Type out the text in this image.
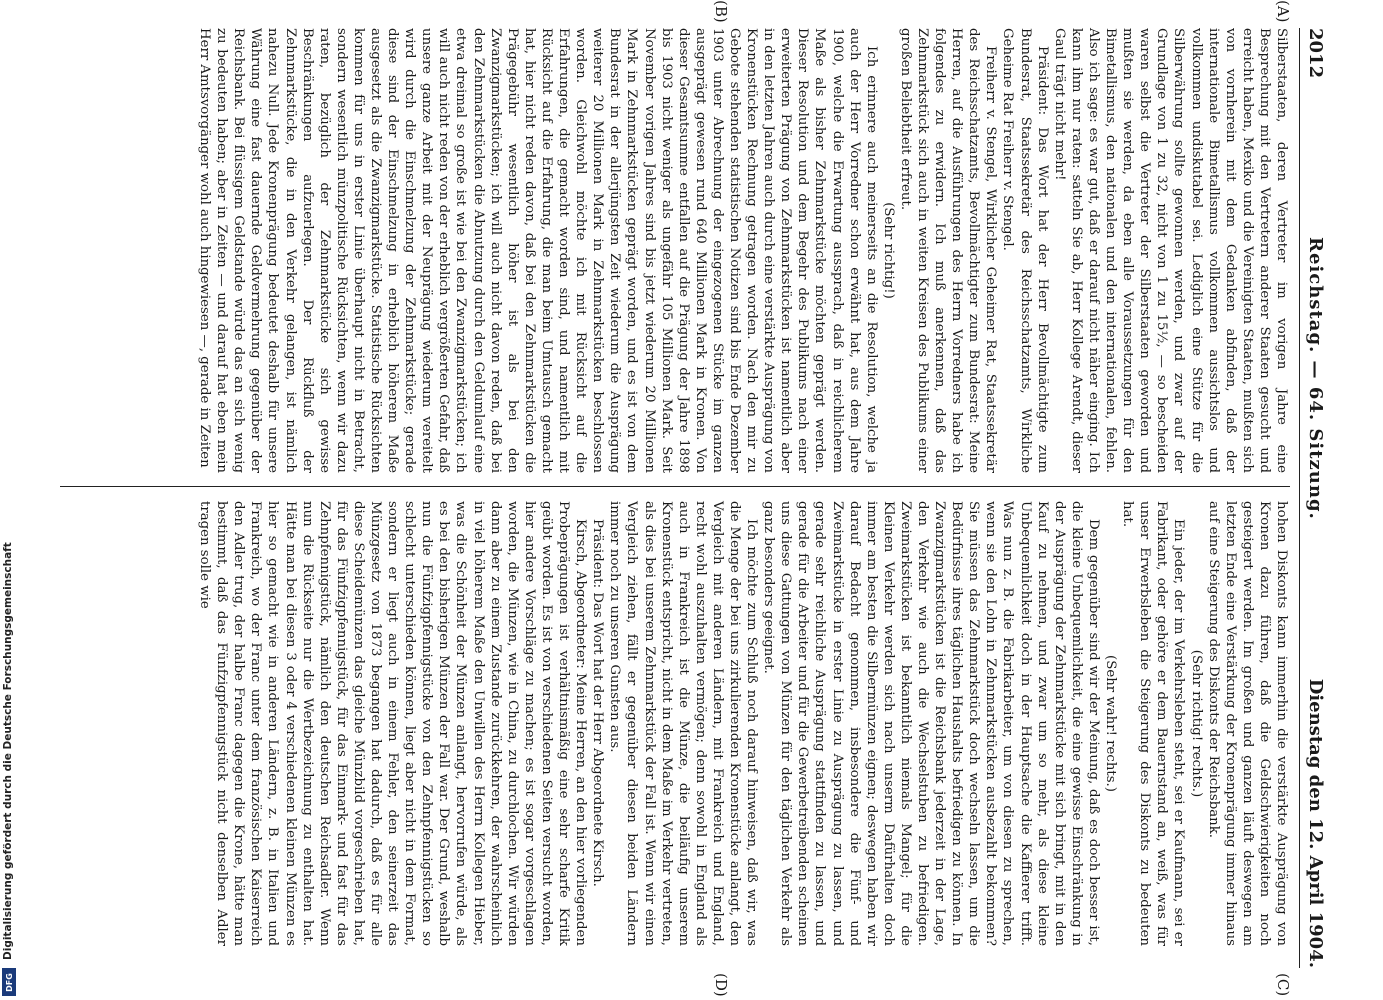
2012
Reichstag. — 64. Sitzung.
Dienstag den 12. April 1904.
(A)
(B)
(C)
(D)

Silberstaaten, deren Vertreter im vorigen Jahre eine Besprechung mit den Vertretern anderer Staaten gesucht und erreicht haben, Mexiko und die Vereinigten Staaten, mußten sich von vornherein mit dem Gedanken abfinden, daß der internationale Bimetallismus vollkommen aussichtslos und vollkommen undiskutabel sei. Lediglich eine Stütze für die Silberwährung sollte gewonnen werden, und zwar auf der Grundlage von 1 zu 32, nicht von 1 zu 15½, — so bescheiden waren selbst die Vertreter der Silberstaaten geworden und mußten sie werden, da eben alle Voraussetzungen für den Bimetallismus, den nationalen und den internationalen, fehlen. Also ich sage: es war gut, daß er darauf nicht näher einging. Ich kann ihm nur raten: satteln Sie ab, Herr Kollege Arendt, dieser Gaul trägt nicht mehr!

Präsident: Das Wort hat der Herr Bevollmächtigte zum Bundesrat, Staatssekretär des Reichsschatzamts, Wirkliche Geheime Rat Freiherr v. Stengel.

Freiherr v. Stengel, Wirklicher Geheimer Rat, Staatssekretär des Reichsschatzamts, Bevollmächtigter zum Bundesrat: Meine Herren, auf die Ausführungen des Herrn Vorredners habe ich folgendes zu erwidern. Ich muß anerkennen, daß das Zehnmarkstück sich auch in weiten Kreisen des Publikums einer großen Beliebtheit erfreut.

(Sehr richtig!)

Ich erinnere auch meinerseits an die Resolution, welche ja auch der Herr Vorredner schon erwähnt hat, aus dem Jahre 1900, welche die Erwartung aussprach, daß in reichlicherem Maße als bisher Zehnmarkstücke möchten geprägt werden. Dieser Resolution und dem Begehr des Publikums nach einer erweiterten Prägung von Zehnmarkstücken ist namentlich aber in den letzten Jahren auch durch eine verstärkte Ausprägung von Kronenstücken Rechnung getragen worden. Nach den mir zu Gebote stehenden statistischen Notizen sind bis Ende Dezember 1903 unter Abrechnung der eingezogenen Stücke im ganzen ausgeprägt gewesen rund 640 Millionen Mark in Kronen. Von dieser Gesamtsumme entfallen auf die Prägung der Jahre 1898 bis 1903 nicht weniger als ungefähr 105 Millionen Mark. Seit November vorigen Jahres sind bis jetzt wiederum 20 Millionen Mark in Zehnmarkstücken geprägt worden, und es ist von dem Bundesrat in der allerjüngsten Zeit wiederum die Ausprägung weiterer 20 Millionen Mark in Zehnmarkstücken beschlossen worden. Gleichwohl möchte ich mit Rücksicht auf die Erfahrungen, die gemacht worden sind, und namentlich mit Rücksicht auf die Erfahrung, die man beim Umtausch gemacht hat, hier nicht reden davon, daß bei den Zehnmarkstücken die Prägegebühr wesentlich höher ist als bei den Zwanzigmarkstücken; ich will auch nicht davon reden, daß bei den Zehnmarkstücken die Abnutzung durch den Geldumlauf eine etwa dreimal so große ist wie bei den Zwanzigmarkstücken; ich will auch nicht reden von der erheblich vergrößerten Gefahr, daß unsere ganze Arbeit mit der Neuprägung wiederum vereitelt wird durch die Einschmelzung der Zehnmarkstücke; gerade diese sind der Einschmelzung in erheblich höherem Maße ausgesetzt als die Zwanzigmarkstücke. Statistische Rücksichten kommen für uns in erster Linie überhaupt nicht in Betracht, sondern wesentlich münzpolitische Rücksichten, wenn wir dazu raten, bezüglich der Zehnmarkstücke sich gewisse Beschränkungen aufzuerlegen. Der Rückfluß der Zehnmarkstücke, die in den Verkehr gelangen, ist nämlich nahezu Null. Jede Kronenprägung bedeutet deshalb für unsere Währung eine fast dauernde Geldvermehrung gegenüber der Reichsbank. Bei flüssigem Geldstande würde das an sich wenig zu bedeuten haben; aber in Zeiten — und darauf hat eben mein Herr Amtsvorgänger wohl auch hingewiesen —, gerade in Zeiten

hohen Diskonts kann immerhin die verstärkte Ausprägung von Kronen dazu führen, daß die Geldschwierigkeiten noch gesteigert werden. Im großen und ganzen läuft deswegen am letzten Ende eine Verstärkung der Kronenprägung immer hinaus auf eine Steigerung des Diskonts der Reichsbank.

(Sehr richtig! rechts.)

Ein jeder, der im Verkehrsleben steht, sei er Kaufmann, sei er Fabrikant, oder gehöre er dem Bauernstand an, weiß, was für unser Erwerbsleben die Steigerung des Diskonts zu bedeuten hat.

(Sehr wahr! rechts.)

Dem gegenüber sind wir der Meinung, daß es doch besser ist, die kleine Unbequemlichkeit, die eine gewisse Einschränkung in der Ausprägung der Zehnmarkstücke mit sich bringt, mit in den Kauf zu nehmen, und zwar um so mehr, als diese kleine Unbequemlichkeit doch in der Hauptsache die Kaffierer trifft. Was nun z. B. die Fabrikarbeiter, um von diesen zu sprechen, wenn sie den Lohn in Zehnmarkstücken ausbezahlt bekommen? Sie müssen das Zehnmarkstück doch wechseln lassen, um die Bedürfnisse ihres täglichen Haushalts befriedigen zu können. In Zwanzigmarkstücken ist die Reichsbank jederzeit in der Lage, den Verkehr wie auch die Wechselstuben zu befriedigen. Zweimarkstücken ist bekanntlich niemals Mangel; für die Kleinen Verkehr werden sich nach unserm Dafürhalten doch immer am besten die Silbermünzen eignen; deswegen haben wir darauf Bedacht genommen, insbesondere die Fünf- und Zweimarkstücke in erster Linie zu Ausprägung zu lassen, und gerade sehr reichliche Ausprägung stattfinden zu lassen, und gerade für die Arbeiter und für die Gewerbetreibenden scheinen uns diese Gattungen von Münzen für den täglichen Verkehr als ganz besonders geeignet.

Ich möchte zum Schluß noch darauf hinweisen, daß wir, was die Menge der bei uns zirkulierenden Kronenstücke anlangt, den Vergleich mit anderen Ländern, mit Frankreich und England, recht wohl auszuhalten vermögen; denn sowohl in England als auch in Frankreich ist die Münze, die beiläufig unserem Kronenstück entspricht, nicht in dem Maße im Verkehr vertreten, als dies bei unserem Zehnmarkstück der Fall ist. Wenn wir einen Vergleich ziehen, fällt er gegenüber diesen beiden Ländern immer noch zu unseren Gunsten aus.

Präsident: Das Wort hat der Herr Abgeordnete Kirsch.

Kirsch, Abgeordneter: Meine Herren, an den hier vorliegenden Probeprägungen ist verhältnismäßig eine sehr scharfe Kritik geübt worden. Es ist von verschiedenen Seiten versucht worden, hier andere Vorschläge zu machen; es ist sogar vorgeschlagen worden, die Münzen, wie in China, zu durchlochen. Wir würden dann aber zu einem Zustande zurückkehren, der wahrscheinlich in viel höherem Maße den Unwillen des Herrn Kollegen Hieber, was die Schönheit der Münzen anlangt, hervorrufen würde, als es bei den bisherigen Münzen der Fall war. Der Grund, weshalb nun die Fünfzigpfennigstücke von den Zehnpfennigstücken so schlecht unterschieden können, liegt aber nicht in dem Format, sondern er liegt auch in einem Fehler, den seinerzeit das Münzgesetz von 1873 begangen hat dadurch, daß es für alle diese Scheidemünzen das gleiche Münzbild vorgeschrieben hat, für das Fünfzigpfennigstück, für das Einmark- und fast für das Zehnpfennigstück, nämlich den deutschen Reichsadler. Wenn nun die Rückseite nur die Wertbezeichnung zu enthalten hat. Hätte man bei diesen 3 oder 4 verschiedenen kleinen Münzen es hier so gemacht wie in anderen Ländern, z. B. in Italien und Frankreich, wo der Franc unter dem französischen Kaiserreich den Adler trug, der halbe Franc dagegen die Krone, hätte man bestimmt, daß das Fünfzigpfennigstück nicht denselben Adler tragen solle wie

Digitalisierung gefördert durch die Deutsche Forschungsgemeinschaft
DFG
